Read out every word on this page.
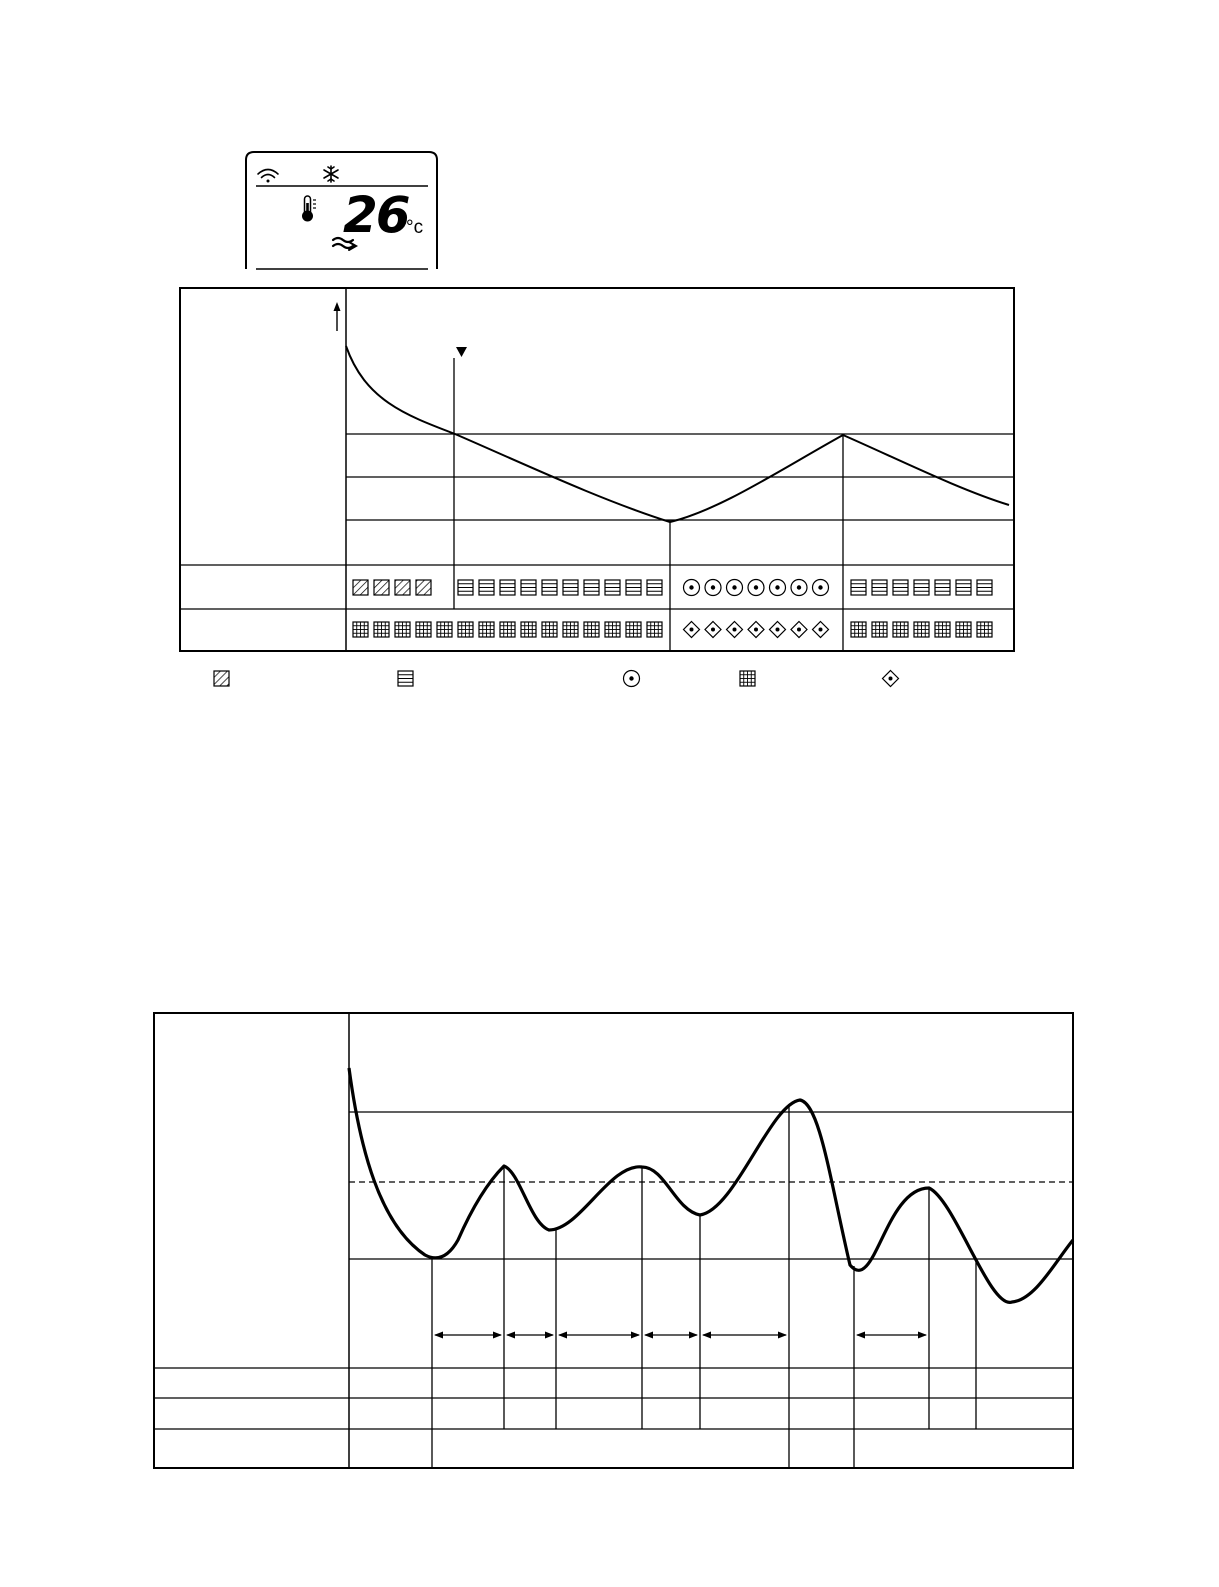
26
°c
